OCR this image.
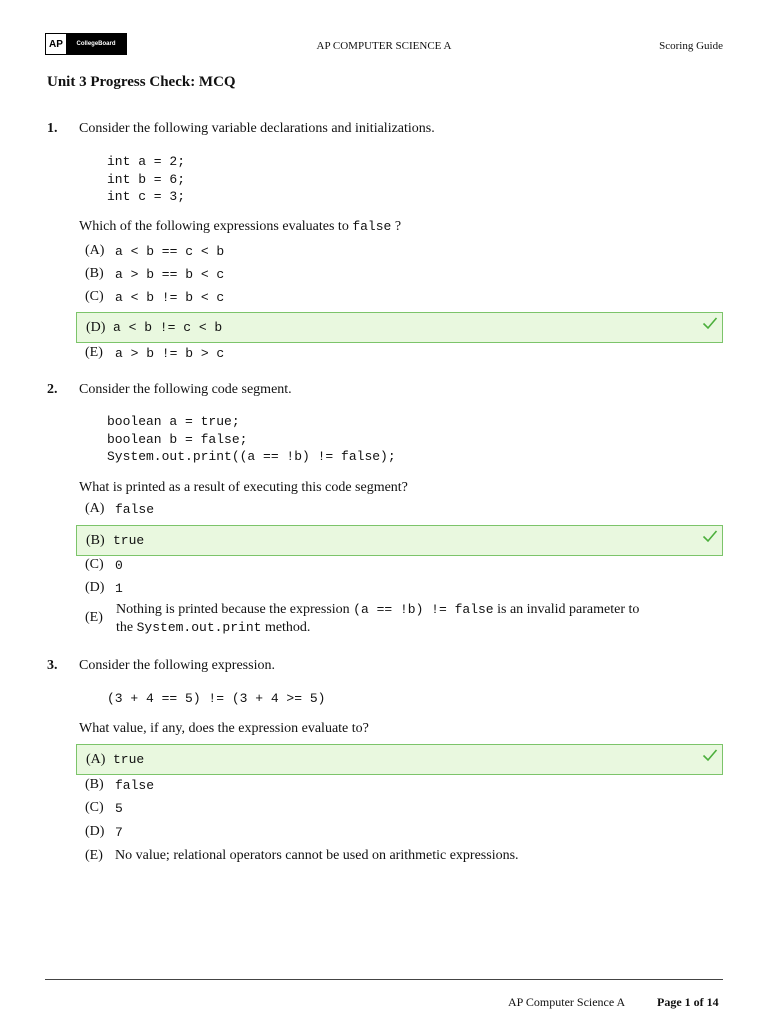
AP	CollegeBoard	AP COMPUTER SCIENCE A	Scoring Guide
Unit 3 Progress Check: MCQ
1. Consider the following variable declarations and initializations.
int a = 2;
int b = 6;
int c = 3;
Which of the following expressions evaluates to false ?
(A) a < b == c < b
(B) a > b == b < c
(C) a < b != b < c
(D) a < b != c < b
(E) a > b != b > c
2. Consider the following code segment.
boolean a = true;
boolean b = false;
System.out.print((a == !b) != false);
What is printed as a result of executing this code segment?
(A) false
(B) true
(C) 0
(D) 1
(E)
Nothing is printed because the expression (a == !b) != false is an invalid parameter to
the System.out.print method.
3. Consider the following expression.
(3 + 4 == 5) != (3 + 4 >= 5)
What value, if any, does the expression evaluate to?
(A) true
(B) false
(C) 5
(D) 7
(E) No value; relational operators cannot be used on arithmetic expressions.
AP Computer Science A	Page 1 of 14
